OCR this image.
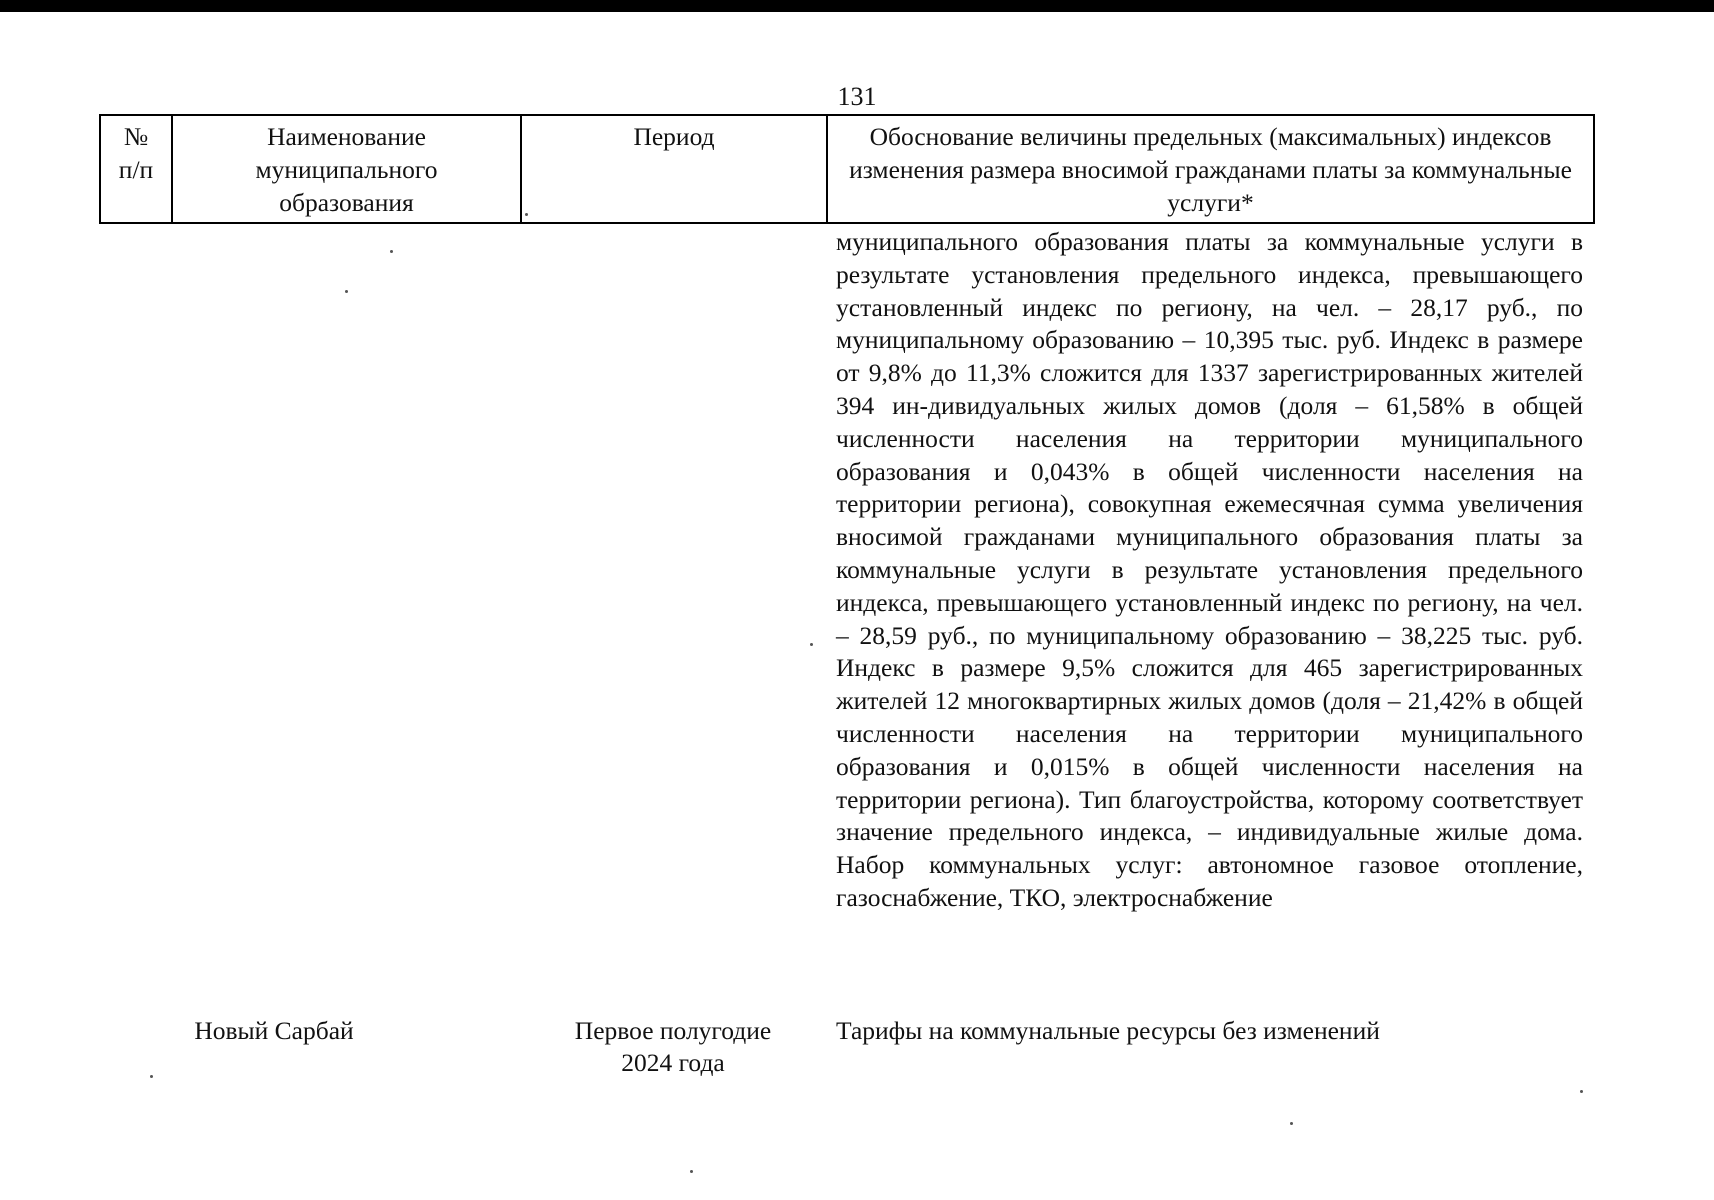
131
№
п/п
Наименование
муниципального
образования
Период	Обоснование величины предельных (максимальных) индексов изменения размера вносимой гражданами платы за коммунальные услуги*

муниципального образования платы за коммунальные услуги в результате установления предельного индекса, превышающего установленный индекс по региону, на чел. – 28,17 руб., по муниципальному образованию – 10,395 тыс. руб. Индекс в размере от 9,8% до 11,3% сложится для 1337 зарегистрированных жителей 394 ин-дивидуальных жилых домов (доля – 61,58% в общей численности населения на территории муниципального образования и 0,043% в общей численности населения на территории региона), совокупная ежемесячная сумма увеличения вносимой гражданами муниципального образования платы за коммунальные услуги в результате установления предельного индекса, превышающего установленный индекс по региону, на чел. – 28,59 руб., по муниципальному образованию – 38,225 тыс. руб. Индекс в размере 9,5% сложится для 465 зарегистрированных жителей 12 многоквартирных жилых домов (доля – 21,42% в общей численности населения на территории муниципального образования и 0,015% в общей численности населения на территории региона). Тип благоустройства, которому соответствует значение предельного индекса, – индивидуальные жилые дома. Набор коммунальных услуг: автономное газовое отопление,
газоснабжение, ТКО, электроснабжение

Новый Сарбай	Первое полугодие
2024 года
Тарифы на коммунальные ресурсы без изменений
